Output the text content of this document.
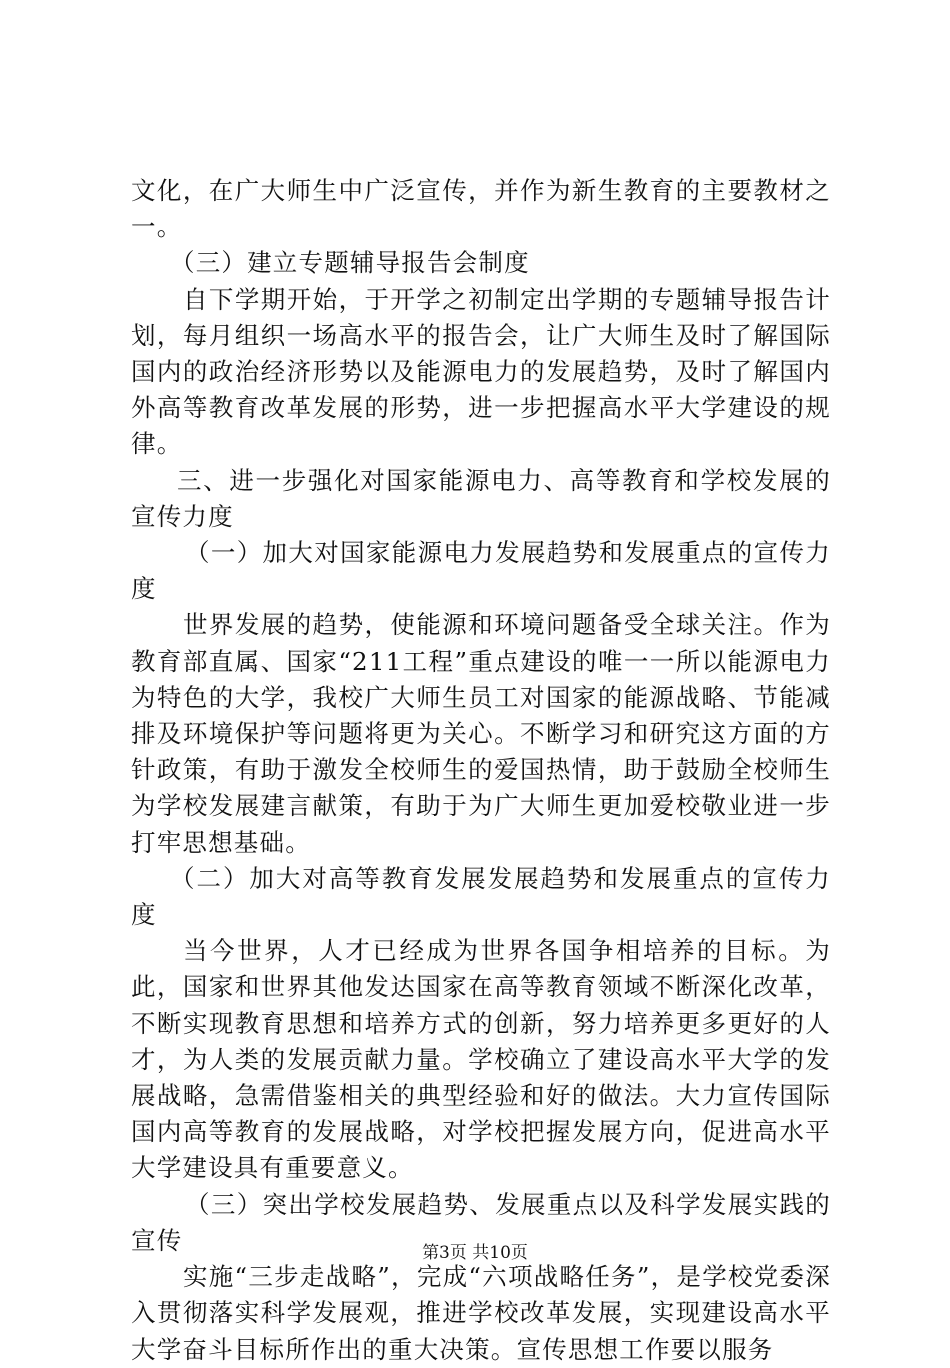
文化，在广大师生中广泛宣传，并作为新生教育的主要教材之一。

（三）建立专题辅导报告会制度

自下学期开始，于开学之初制定出学期的专题辅导报告计划，每月组织一场高水平的报告会，让广大师生及时了解国际国内的政治经济形势以及能源电力的发展趋势，及时了解国内外高等教育改革发展的形势，进一步把握高水平大学建设的规律。

三、进一步强化对国家能源电力、高等教育和学校发展的宣传力度

（一）加大对国家能源电力发展趋势和发展重点的宣传力度

世界发展的趋势，使能源和环境问题备受全球关注。作为教育部直属、国家“211工程”重点建设的唯一一所以能源电力为特色的大学，我校广大师生员工对国家的能源战略、节能减排及环境保护等问题将更为关心。不断学习和研究这方面的方针政策，有助于激发全校师生的爱国热情，助于鼓励全校师生为学校发展建言献策，有助于为广大师生更加爱校敬业进一步打牢思想基础。

（二）加大对高等教育发展发展趋势和发展重点的宣传力度

当今世界，人才已经成为世界各国争相培养的目标。为此，国家和世界其他发达国家在高等教育领域不断深化改革，不断实现教育思想和培养方式的创新，努力培养更多更好的人才，为人类的发展贡献力量。学校确立了建设高水平大学的发展战略，急需借鉴相关的典型经验和好的做法。大力宣传国际国内高等教育的发展战略，对学校把握发展方向，促进高水平大学建设具有重要意义。

（三）突出学校发展趋势、发展重点以及科学发展实践的宣传

实施“三步走战略”，完成“六项战略任务”，是学校党委深入贯彻落实科学发展观，推进学校改革发展，实现建设高水平大学奋斗目标所作出的重大决策。宣传思想工作要以服务

第3页 共10页
